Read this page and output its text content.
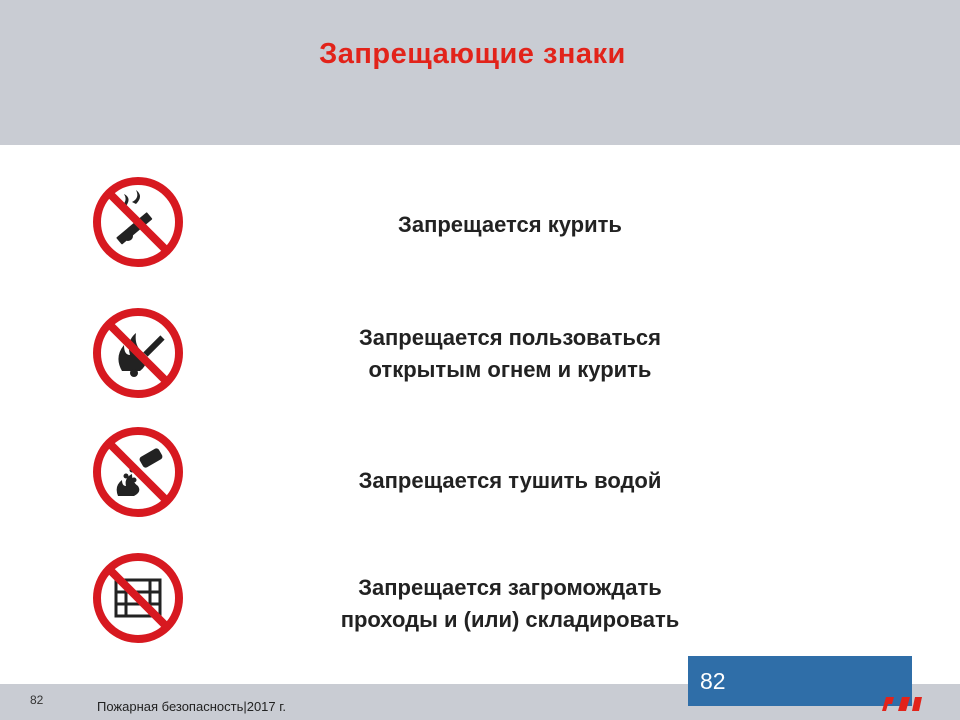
Запрещающие знаки
Запрещается курить
Запрещается пользоваться
открытым огнем и курить
Запрещается тушить водой
Запрещается загромождать
проходы и (или) складировать
82	Пожарная безопасность|2017 г.
82
